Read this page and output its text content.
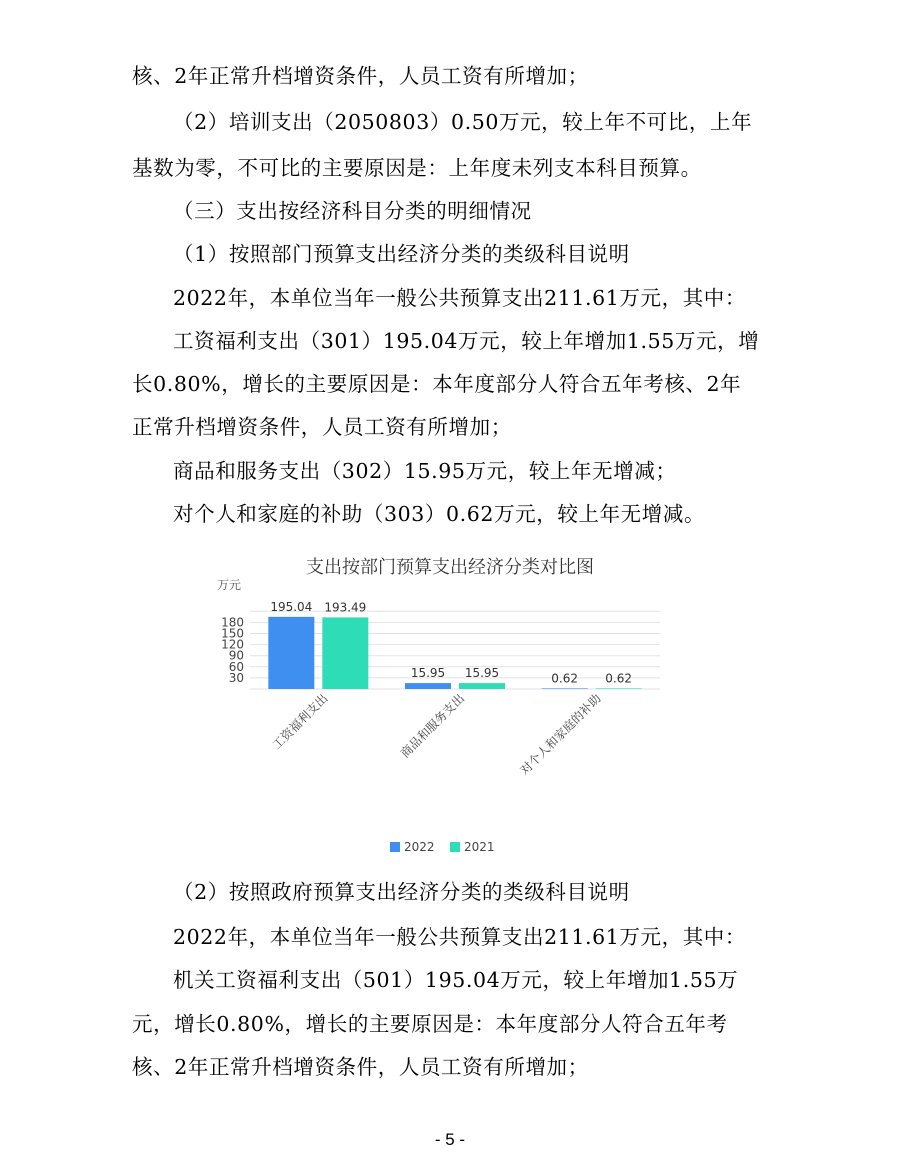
核、2年正常升档增资条件，人员工资有所增加；
（2）培训支出（2050803）0.50万元，较上年不可比，上年
基数为零，不可比的主要原因是：上年度未列支本科目预算。
（三）支出按经济科目分类的明细情况
（1）按照部门预算支出经济分类的类级科目说明
2022年，本单位当年一般公共预算支出211.61万元，其中：
工资福利支出（301）195.04万元，较上年增加1.55万元，增
长0.80%，增长的主要原因是：本年度部分人符合五年考核、2年
正常升档增资条件，人员工资有所增加；
商品和服务支出（302）15.95万元，较上年无增减；
对个人和家庭的补助（303）0.62万元，较上年无增减。
支出按部门预算支出经济分类对比图
万元
30
60
90
120
150
180
195.04 193.49
15.95 15.95	0.62 0.62
工资福利支出	商品和服务支出	对个人和家庭的补助
2022 2021
（2）按照政府预算支出经济分类的类级科目说明
2022年，本单位当年一般公共预算支出211.61万元，其中：
机关工资福利支出（501）195.04万元，较上年增加1.55万
元，增长0.80%，增长的主要原因是：本年度部分人符合五年考
核、2年正常升档增资条件，人员工资有所增加；
- 5 -
